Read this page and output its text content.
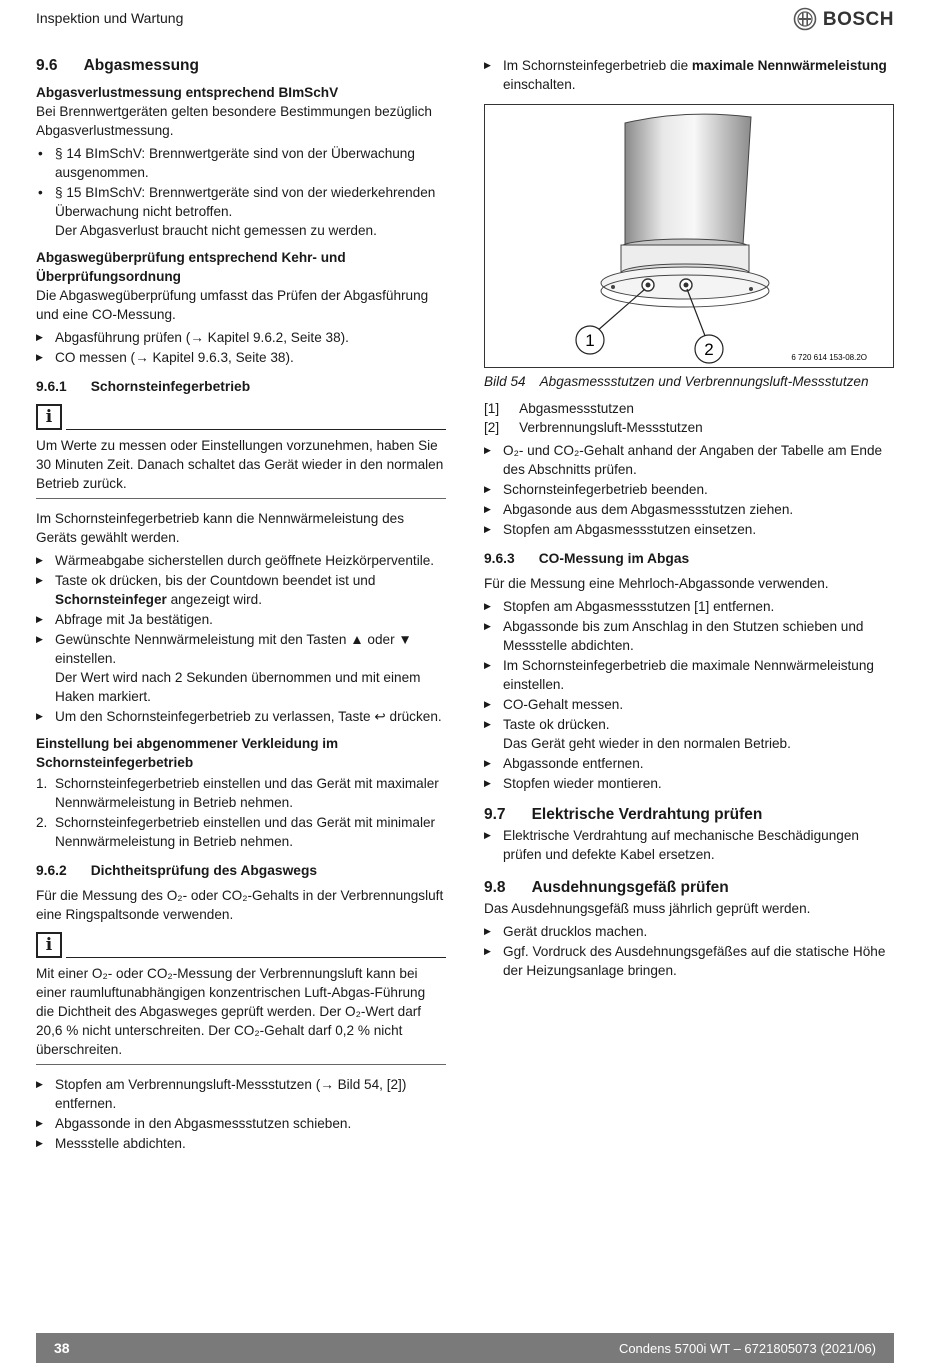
Inspektion und Wartung	BOSCH
9.6 Abgasmessung
Abgasverlustmessung entsprechend BImSchV

Bei Brennwertgeräten gelten besondere Bestimmungen bezüglich Abgasverlustmessung.

• § 14 BImSchV: Brennwertgeräte sind von der Überwachung ausgenommen.
• § 15 BImSchV: Brennwertgeräte sind von der wiederkehrenden Überwachung nicht betroffen.
Der Abgasverlust braucht nicht gemessen zu werden.
Abgaswegüberprüfung entsprechend Kehr- und Überprüfungsordnung

Die Abgaswegüberprüfung umfasst das Prüfen der Abgasführung und eine CO-Messung.

▶ Abgasführung prüfen (→ Kapitel 9.6.2, Seite 38).
▶ CO messen (→ Kapitel 9.6.3, Seite 38).
9.6.1 Schornsteinfegerbetrieb
i

Um Werte zu messen oder Einstellungen vorzunehmen, haben Sie 30 Minuten Zeit. Danach schaltet das Gerät wieder in den normalen Betrieb zurück.

Im Schornsteinfegerbetrieb kann die Nennwärmeleistung des Geräts gewählt werden.

▶ Wärmeabgabe sicherstellen durch geöffnete Heizkörperventile.
▶ Taste ok drücken, bis der Countdown beendet ist und Schornsteinfeger angezeigt wird.
▶ Abfrage mit Ja bestätigen.
▶ Gewünschte Nennwärmeleistung mit den Tasten ▲ oder ▼ einstellen.
Der Wert wird nach 2 Sekunden übernommen und mit einem Haken markiert.
▶ Um den Schornsteinfegerbetrieb zu verlassen, Taste ↩ drücken.
Einstellung bei abgenommener Verkleidung im Schornsteinfegerbetrieb
1. Schornsteinfegerbetrieb einstellen und das Gerät mit maximaler Nennwärmeleistung in Betrieb nehmen.
2. Schornsteinfegerbetrieb einstellen und das Gerät mit minimaler Nennwärmeleistung in Betrieb nehmen.
9.6.2 Dichtheitsprüfung des Abgaswegs

Für die Messung des O₂- oder CO₂-Gehalts in der Verbrennungsluft eine Ringspaltsonde verwenden.

i

Mit einer O₂- oder CO₂-Messung der Verbrennungsluft kann bei einer raumluftunabhängigen konzentrischen Luft-Abgas-Führung die Dichtheit des Abgasweges geprüft werden. Der O₂-Wert darf 20,6 % nicht unterschreiten. Der CO₂-Gehalt darf 0,2 % nicht überschreiten.

▶ Stopfen am Verbrennungsluft-Messstutzen (→ Bild 54, [2]) entfernen.
▶ Abgassonde in den Abgasmessstutzen schieben.
▶ Messstelle abdichten.
▶ Im Schornsteinfegerbetrieb die maximale Nennwärmeleistung einschalten.
1	2	6 720 614 153-08.2O
Bild 54 Abgasmessstutzen und Verbrennungsluft-Messstutzen
[1] Abgasmessstutzen
[2] Verbrennungsluft-Messstutzen
▶ O₂- und CO₂-Gehalt anhand der Angaben der Tabelle am Ende des Abschnitts prüfen.
▶ Schornsteinfegerbetrieb beenden.
▶ Abgasonde aus dem Abgasmessstutzen ziehen.
▶ Stopfen am Abgasmessstutzen einsetzen.
9.6.3 CO-Messung im Abgas

Für die Messung eine Mehrloch-Abgassonde verwenden.

▶ Stopfen am Abgasmessstutzen [1] entfernen.
▶ Abgassonde bis zum Anschlag in den Stutzen schieben und Messstelle abdichten.
▶ Im Schornsteinfegerbetrieb die maximale Nennwärmeleistung einstellen.
▶ CO-Gehalt messen.
▶ Taste ok drücken.
Das Gerät geht wieder in den normalen Betrieb.
▶ Abgassonde entfernen.
▶ Stopfen wieder montieren.
9.7 Elektrische Verdrahtung prüfen
▶ Elektrische Verdrahtung auf mechanische Beschädigungen prüfen und defekte Kabel ersetzen.
9.8 Ausdehnungsgefäß prüfen

Das Ausdehnungsgefäß muss jährlich geprüft werden.

▶ Gerät drucklos machen.
▶ Ggf. Vordruck des Ausdehnungsgefäßes auf die statische Höhe der Heizungsanlage bringen.
38	Condens 5700i WT – 6721805073 (2021/06)
